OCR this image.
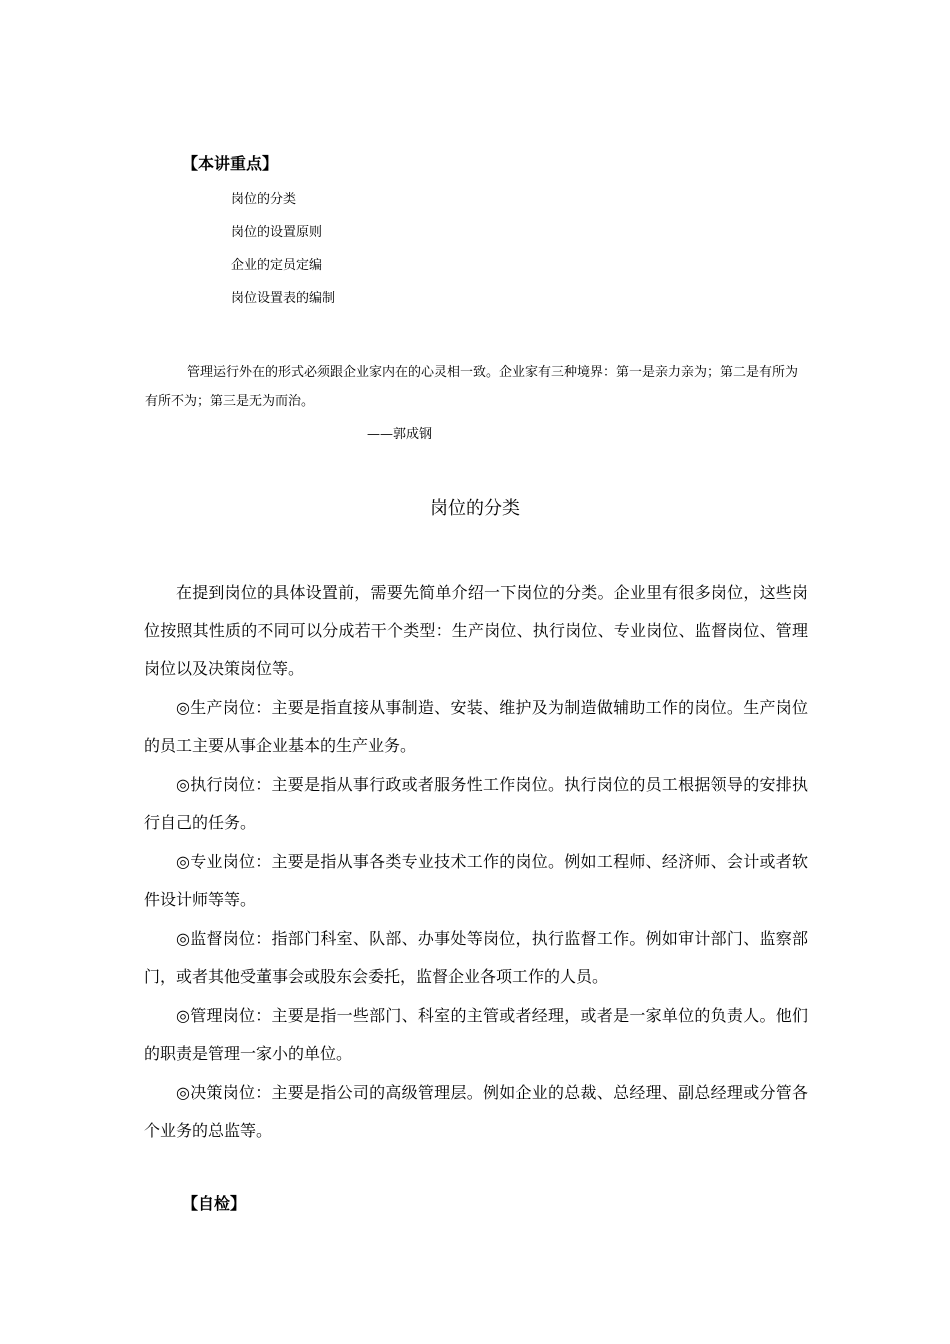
【本讲重点】
岗位的分类
岗位的设置原则
企业的定员定编
岗位设置表的编制

管理运行外在的形式必须跟企业家内在的心灵相一致。企业家有三种境界：第一是亲力亲为；第二是有所为有所不为；第三是无为而治。

——郭成钢
岗位的分类

在提到岗位的具体设置前，需要先简单介绍一下岗位的分类。企业里有很多岗位，这些岗位按照其性质的不同可以分成若干个类型：生产岗位、执行岗位、专业岗位、监督岗位、管理岗位以及决策岗位等。

◎生产岗位：主要是指直接从事制造、安装、维护及为制造做辅助工作的岗位。生产岗位的员工主要从事企业基本的生产业务。

◎执行岗位：主要是指从事行政或者服务性工作岗位。执行岗位的员工根据领导的安排执行自己的任务。

◎专业岗位：主要是指从事各类专业技术工作的岗位。例如工程师、经济师、会计或者软件设计师等等。

◎监督岗位：指部门科室、队部、办事处等岗位，执行监督工作。例如审计部门、监察部门，或者其他受董事会或股东会委托，监督企业各项工作的人员。

◎管理岗位：主要是指一些部门、科室的主管或者经理，或者是一家单位的负责人。他们的职责是管理一家小的单位。

◎决策岗位：主要是指公司的高级管理层。例如企业的总裁、总经理、副总经理或分管各个业务的总监等。

【自检】
